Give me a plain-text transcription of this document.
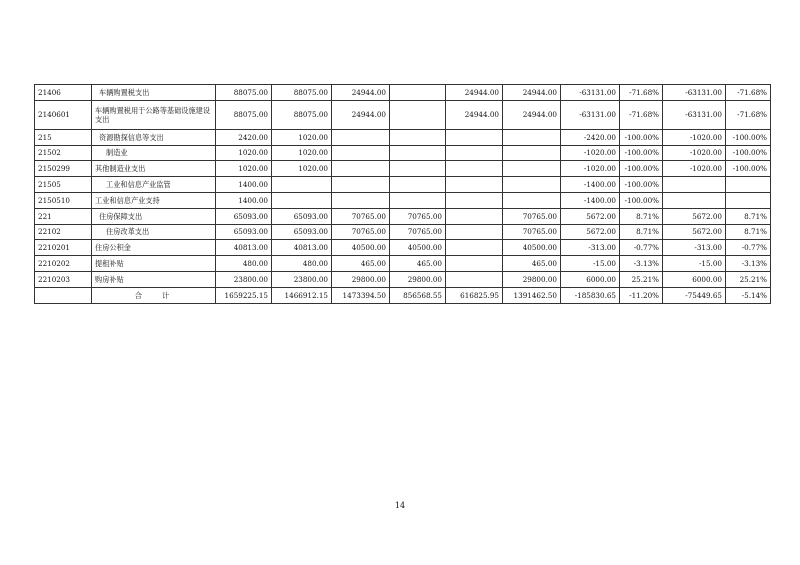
21406	车辆购置税支出	88075.00	88075.00	24944.00		24944.00	24944.00	-63131.00	-71.68%	-63131.00	-71.68%
2140601	车辆购置税用于公路等基础设施建设支出	88075.00	88075.00	24944.00		24944.00	24944.00	-63131.00	-71.68%	-63131.00	-71.68%
215	资源勘探信息等支出	2420.00	1020.00					-2420.00	-100.00%	-1020.00	-100.00%
21502	制造业	1020.00	1020.00					-1020.00	-100.00%	-1020.00	-100.00%
2150299	其他制造业支出	1020.00	1020.00					-1020.00	-100.00%	-1020.00	-100.00%
21505	工业和信息产业监管	1400.00						-1400.00	-100.00%		
2150510	工业和信息产业支持	1400.00						-1400.00	-100.00%		
221	住房保障支出	65093.00	65093.00	70765.00	70765.00		70765.00	5672.00	8.71%	5672.00	8.71%
22102	住房改革支出	65093.00	65093.00	70765.00	70765.00		70765.00	5672.00	8.71%	5672.00	8.71%
2210201	住房公积金	40813.00	40813.00	40500.00	40500.00		40500.00	-313.00	-0.77%	-313.00	-0.77%
2210202	提租补贴	480.00	480.00	465.00	465.00		465.00	-15.00	-3.13%	-15.00	-3.13%
2210203	购房补贴	23800.00	23800.00	29800.00	29800.00		29800.00	6000.00	25.21%	6000.00	25.21%
	合计	1659225.15	1466912.15	1473394.50	856568.55	616825.95	1391462.50	-185830.65	-11.20%	-75449.65	-5.14%
14
